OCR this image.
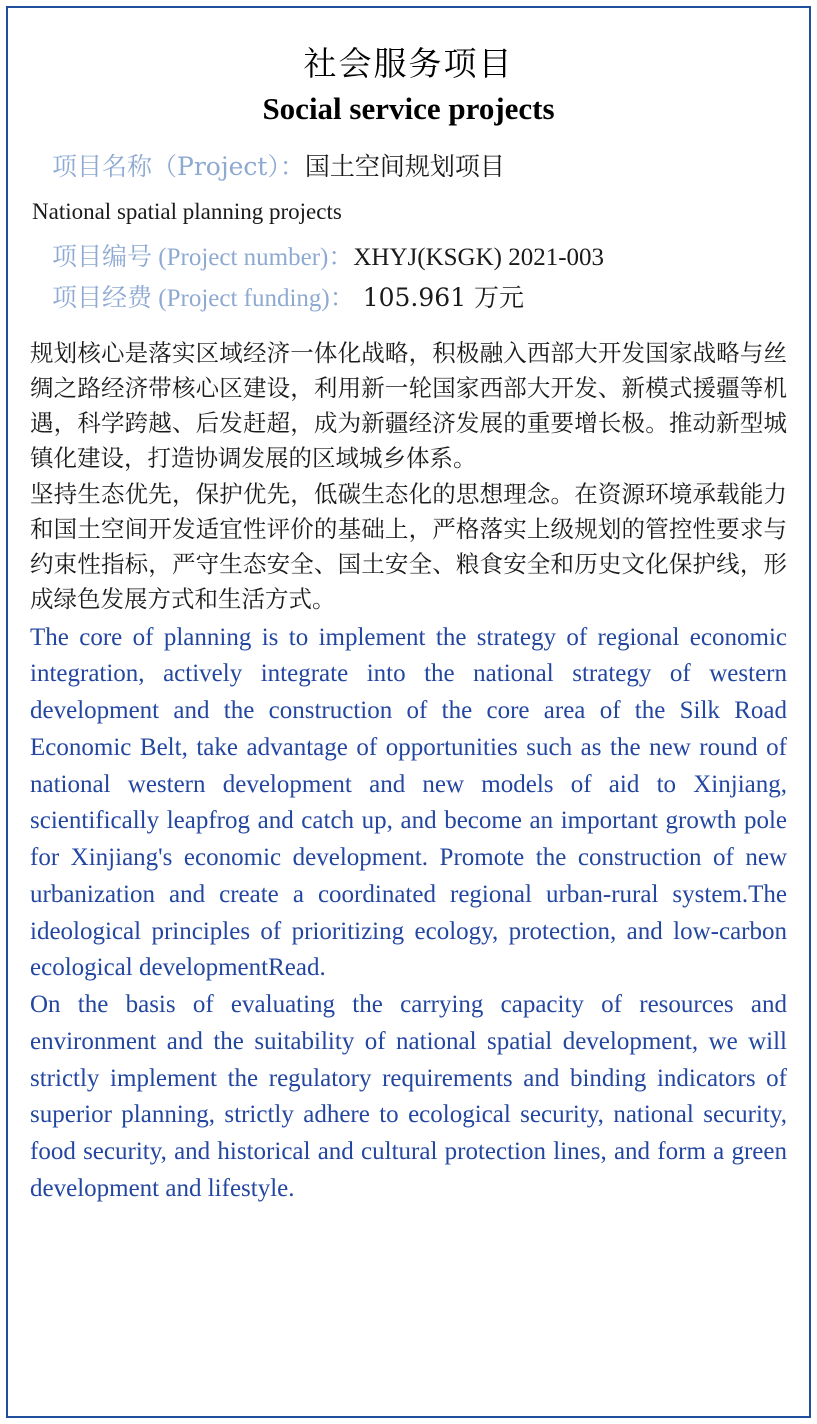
社会服务项目
Social service projects
项目名称（Project）：国土空间规划项目
National spatial planning projects
项目编号 (Project number)：XHYJ(KSGK) 2021-003
项目经费 (Project funding)： 105.961 万元

规划核心是落实区域经济一体化战略，积极融入西部大开发国家战略与丝绸之路经济带核心区建设，利用新一轮国家西部大开发、新模式援疆等机遇，科学跨越、后发赶超，成为新疆经济发展的重要增长极。推动新型城镇化建设，打造协调发展的区域城乡体系。

坚持生态优先，保护优先，低碳生态化的思想理念。在资源环境承载能力和国土空间开发适宜性评价的基础上，严格落实上级规划的管控性要求与约束性指标，严守生态安全、国土安全、粮食安全和历史文化保护线，形成绿色发展方式和生活方式。

The core of planning is to implement the strategy of regional economic integration, actively integrate into the national strategy of western development and the construction of the core area of the Silk Road Economic Belt, take advantage of opportunities such as the new round of national western development and new models of aid to Xinjiang, scientifically leapfrog and catch up, and become an important growth pole for Xinjiang's economic development. Promote the construction of new urbanization and create a coordinated regional urban-rural system.The ideological principles of prioritizing ecology, protection, and low-carbon ecological developmentRead.

On the basis of evaluating the carrying capacity of resources and environment and the suitability of national spatial development, we will strictly implement the regulatory requirements and binding indicators of superior planning, strictly adhere to ecological security, national security, food security, and historical and cultural protection lines, and form a green development and lifestyle.
